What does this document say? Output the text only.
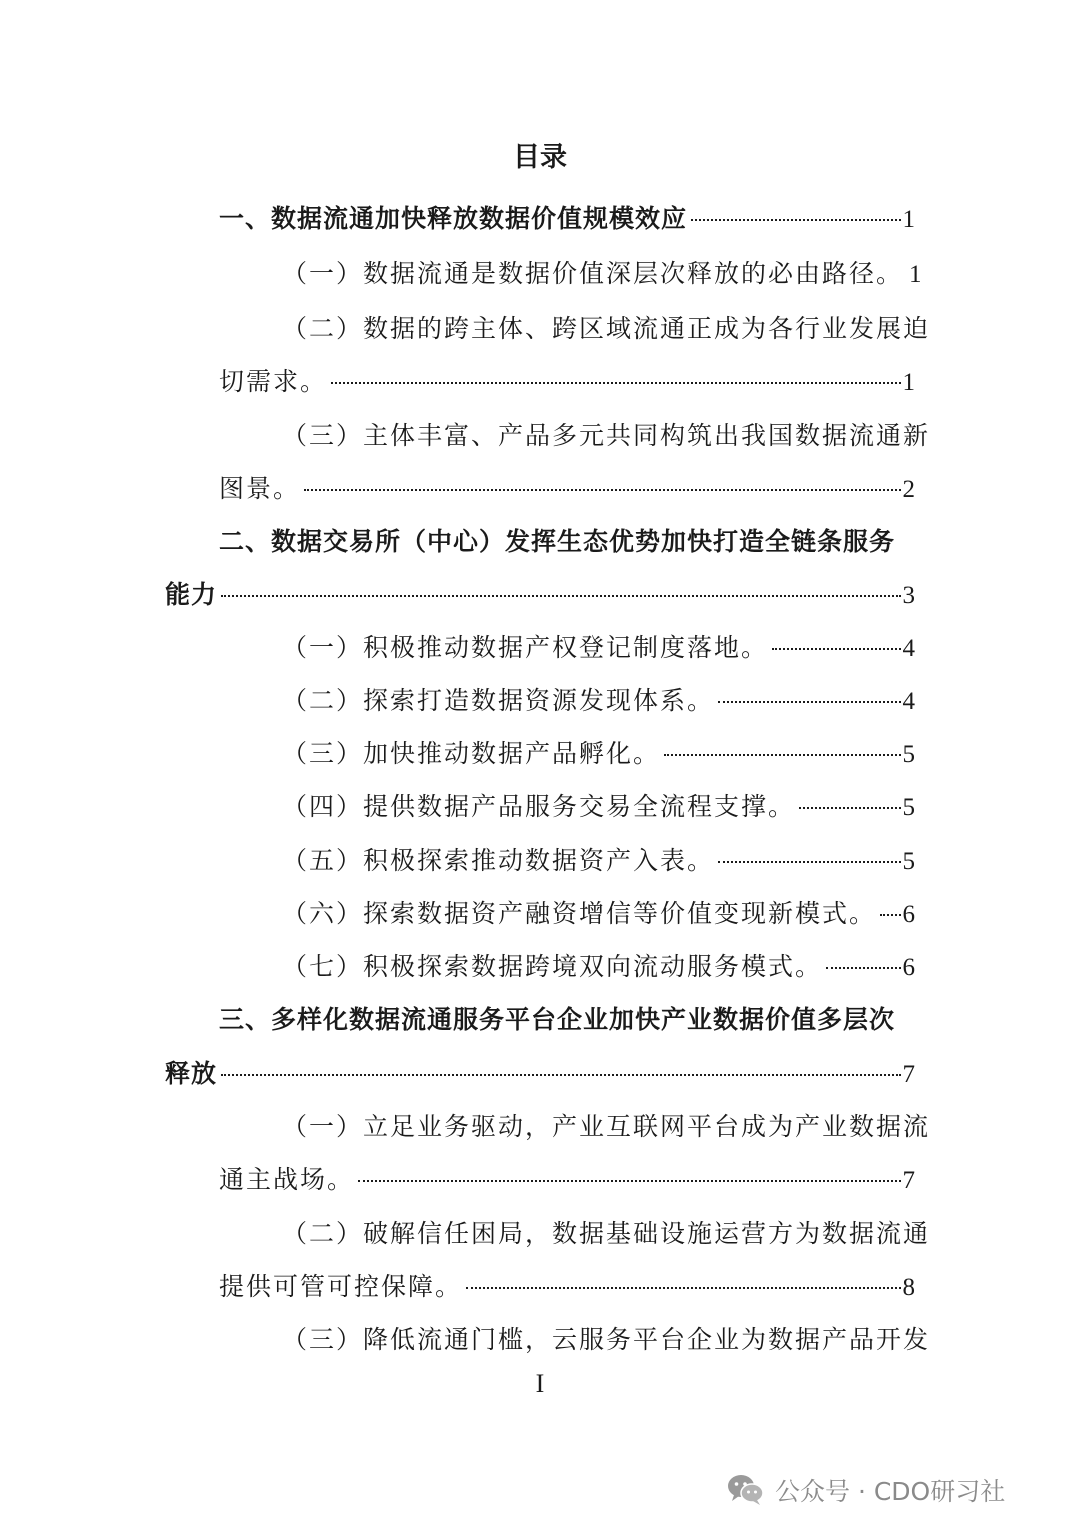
目录
一、数据流通加快释放数据价值规模效应	1
（一）数据流通是数据价值深层次释放的必由路径。 1
（二）数据的跨主体、跨区域流通正成为各行业发展迫
切需求。	1
（三）主体丰富、产品多元共同构筑出我国数据流通新
图景。	2
二、数据交易所（中心）发挥生态优势加快打造全链条服务
能力	3
（一）积极推动数据产权登记制度落地。	4
（二）探索打造数据资源发现体系。	4
（三）加快推动数据产品孵化。	5
（四）提供数据产品服务交易全流程支撑。	5
（五）积极探索推动数据资产入表。	5
（六）探索数据资产融资增信等价值变现新模式。 6
（七）积极探索数据跨境双向流动服务模式。	6
三、多样化数据流通服务平台企业加快产业数据价值多层次
释放	7
（一）立足业务驱动，产业互联网平台成为产业数据流
通主战场。	7
（二）破解信任困局，数据基础设施运营方为数据流通
提供可管可控保障。	8
（三）降低流通门槛，云服务平台企业为数据产品开发
I
公众号 · CDO研习社
